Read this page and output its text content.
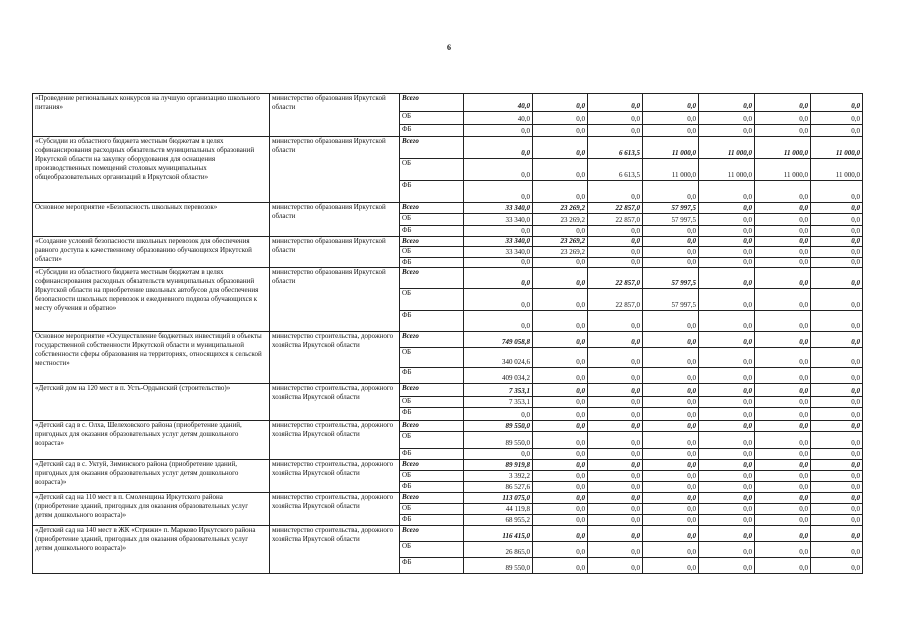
6
«Проведение региональных конкурсов на лучшую организацию школьного питания»	министерство образования Иркутской области	Всего	40,0	0,0	0,0	0,0	0,0	0,0	0,0
		ОБ	40,0	0,0	0,0	0,0	0,0	0,0	0,0
		ФБ	0,0	0,0	0,0	0,0	0,0	0,0	0,0
«Субсидии из областного бюджета местным бюджетам в целях софинансирования расходных обязательств муниципальных образований Иркутской области на закупку оборудования для оснащения производственных помещений столовых муниципальных общеобразовательных организаций в Иркутской области»	министерство образования Иркутской области	Всего	0,0	0,0	6 613,5	11 000,0	11 000,0	11 000,0	11 000,0
		ОБ	0,0	0,0	6 613,5	11 000,0	11 000,0	11 000,0	11 000,0
		ФБ	0,0	0,0	0,0	0,0	0,0	0,0	0,0
Основное мероприятие «Безопасность школьных перевозок»	министерство образования Иркутской области	Всего	33 340,0	23 269,2	22 857,0	57 997,5	0,0	0,0	0,0
		ОБ	33 340,0	23 269,2	22 857,0	57 997,5	0,0	0,0	0,0
		ФБ	0,0	0,0	0,0	0,0	0,0	0,0	0,0
«Создание условий безопасности школьных перевозок для обеспечения равного доступа к качественному образованию обучающихся Иркутской области»	министерство образования Иркутской области	Всего	33 340,0	23 269,2	0,0	0,0	0,0	0,0	0,0
		ОБ	33 340,0	23 269,2	0,0	0,0	0,0	0,0	0,0
		ФБ	0,0	0,0	0,0	0,0	0,0	0,0	0,0
«Субсидии из областного бюджета местным бюджетам в целях софинансирования расходных обязательств муниципальных образований Иркутской области на приобретение школьных автобусов для обеспечения безопасности школьных перевозок и ежедневного подвоза обучающихся к месту обучения и обратно»	министерство образования Иркутской области	Всего	0,0	0,0	22 857,0	57 997,5	0,0	0,0	0,0
		ОБ	0,0	0,0	22 857,0	57 997,5	0,0	0,0	0,0
		ФБ	0,0	0,0	0,0	0,0	0,0	0,0	0,0
Основное мероприятие «Осуществление бюджетных инвестиций в объекты государственной собственности Иркутской области и муниципальной собственности сферы образования на территориях, относящихся к сельской местности»	министерство строительства, дорожного хозяйства Иркутской области	Всего	749 058,8	0,0	0,0	0,0	0,0	0,0	0,0
		ОБ	340 024,6	0,0	0,0	0,0	0,0	0,0	0,0
		ФБ	409 034,2	0,0	0,0	0,0	0,0	0,0	0,0
«Детский дом на 120 мест в п. Усть-Ордынский (строительство)»	министерство строительства, дорожного хозяйства Иркутской области	Всего	7 353,1	0,0	0,0	0,0	0,0	0,0	0,0
		ОБ	7 353,1	0,0	0,0	0,0	0,0	0,0	0,0
		ФБ	0,0	0,0	0,0	0,0	0,0	0,0	0,0
«Детский сад в с. Олха, Шелеховского района (приобретение зданий, пригодных для оказания образовательных услуг детям дошкольного возраста»	министерство строительства, дорожного хозяйства Иркутской области	Всего	89 550,0	0,0	0,0	0,0	0,0	0,0	0,0
		ОБ	89 550,0	0,0	0,0	0,0	0,0	0,0	0,0
		ФБ	0,0	0,0	0,0	0,0	0,0	0,0	0,0
«Детский сад в с. Уктуй, Зиминского района (приобретение зданий, пригодных для оказания образовательных услуг детям дошкольного возраста)»	министерство строительства, дорожного хозяйства Иркутской области	Всего	89 919,8	0,0	0,0	0,0	0,0	0,0	0,0
		ОБ	3 392,2	0,0	0,0	0,0	0,0	0,0	0,0
		ФБ	86 527,6	0,0	0,0	0,0	0,0	0,0	0,0
«Детский сад на 110 мест в п. Смоленщина Иркутского района (приобретение зданий, пригодных для оказания образовательных услуг детям дошкольного возраста)»	министерство строительства, дорожного хозяйства Иркутской области	Всего	113 075,0	0,0	0,0	0,0	0,0	0,0	0,0
		ОБ	44 119,8	0,0	0,0	0,0	0,0	0,0	0,0
		ФБ	68 955,2	0,0	0,0	0,0	0,0	0,0	0,0
«Детский сад на 140 мест в ЖК «Стрижи» п. Марково Иркутского района (приобретение зданий, пригодных для оказания образовательных услуг детям дошкольного возраста)»	министерство строительства, дорожного хозяйства Иркутской области	Всего	116 415,0	0,0	0,0	0,0	0,0	0,0	0,0
		ОБ	26 865,0	0,0	0,0	0,0	0,0	0,0	0,0
		ФБ	89 550,0	0,0	0,0	0,0	0,0	0,0	0,0
